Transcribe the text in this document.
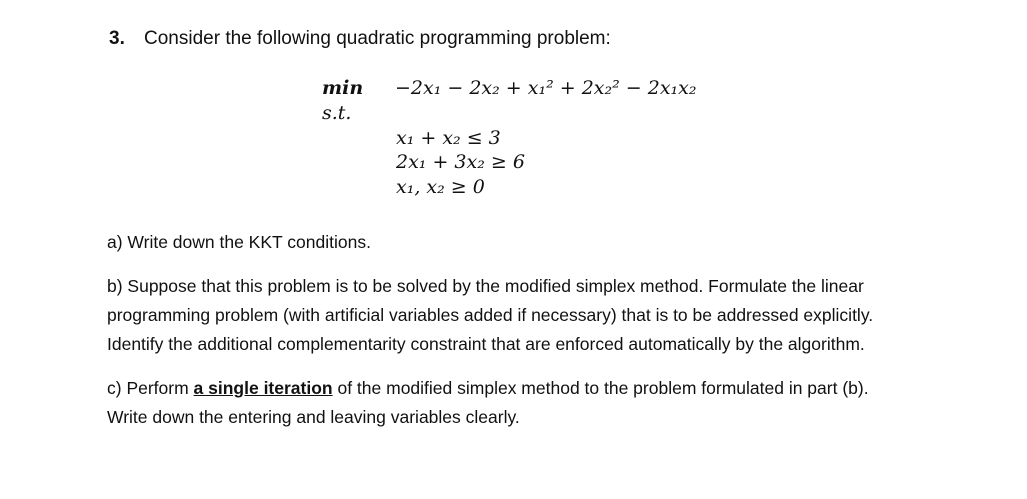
3. Consider the following quadratic programming problem:
min −2x₁ − 2x₂ + x₁² + 2x₂² − 2x₁x₂
s.t.
x₁ + x₂ ≤ 3
2x₁ + 3x₂ ≥ 6
x₁, x₂ ≥ 0
a) Write down the KKT conditions.
b) Suppose that this problem is to be solved by the modified simplex method. Formulate the linear
programming problem (with artificial variables added if necessary) that is to be addressed explicitly.
Identify the additional complementarity constraint that are enforced automatically by the algorithm.
c) Perform a single iteration of the modified simplex method to the problem formulated in part (b).
Write down the entering and leaving variables clearly.
